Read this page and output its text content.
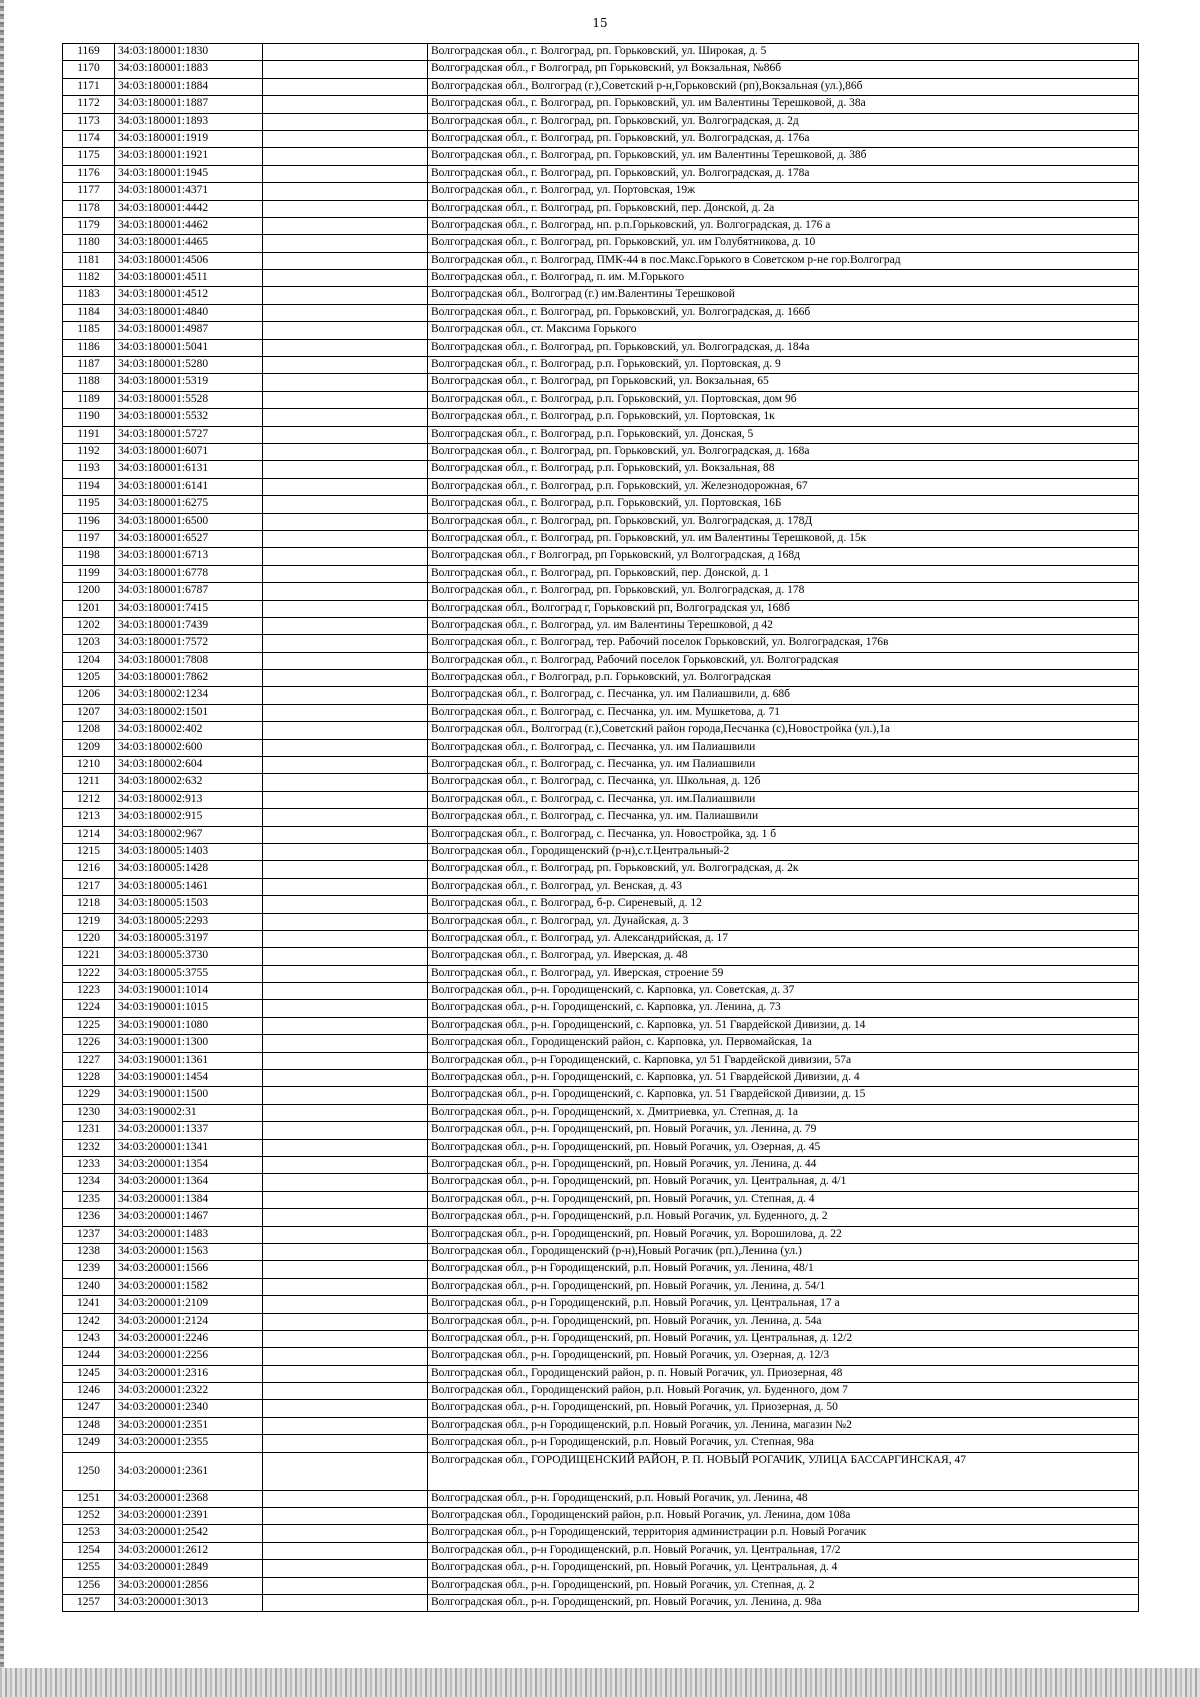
15
1169	34:03:180001:1830		Волгоградская обл., г. Волгоград, рп. Горьковский, ул. Широкая, д. 5
1170	34:03:180001:1883		Волгоградская обл., г Волгоград, рп Горьковский, ул Вокзальная, №86б
1171	34:03:180001:1884		Волгоградская обл., Волгоград (г.),Советский р-н,Горьковский (рп),Вокзальная (ул.),86б
1172	34:03:180001:1887		Волгоградская обл., г. Волгоград, рп. Горьковский, ул. им Валентины Терешковой, д. 38а
1173	34:03:180001:1893		Волгоградская обл., г. Волгоград, рп. Горьковский, ул. Волгоградская, д. 2д
1174	34:03:180001:1919		Волгоградская обл., г. Волгоград, рп. Горьковский, ул. Волгоградская, д. 176а
1175	34:03:180001:1921		Волгоградская обл., г. Волгоград, рп. Горьковский, ул. им Валентины Терешковой, д. 38б
1176	34:03:180001:1945		Волгоградская обл., г. Волгоград, рп. Горьковский, ул. Волгоградская, д. 178а
1177	34:03:180001:4371		Волгоградская обл., г. Волгоград, ул. Портовская, 19ж
1178	34:03:180001:4442		Волгоградская обл., г. Волгоград, рп. Горьковский, пер. Донской, д. 2а
1179	34:03:180001:4462		Волгоградская обл., г. Волгоград, нп. р.п.Горьковский, ул. Волгоградская, д. 176 а
1180	34:03:180001:4465		Волгоградская обл., г. Волгоград, рп. Горьковский, ул. им Голубятникова, д. 10
1181	34:03:180001:4506		Волгоградская обл., г. Волгоград, ПМК-44 в пос.Макс.Горького в Советском р-не гор.Волгоград
1182	34:03:180001:4511		Волгоградская обл., г. Волгоград, п. им. М.Горького
1183	34:03:180001:4512		Волгоградская обл., Волгоград (г.) им.Валентины Терешковой
1184	34:03:180001:4840		Волгоградская обл., г. Волгоград, рп. Горьковский, ул. Волгоградская, д. 166б
1185	34:03:180001:4987		Волгоградская обл., ст. Максима Горького
1186	34:03:180001:5041		Волгоградская обл., г. Волгоград, рп. Горьковский, ул. Волгоградская, д. 184а
1187	34:03:180001:5280		Волгоградская обл., г. Волгоград, р.п. Горьковский, ул. Портовская, д. 9
1188	34:03:180001:5319		Волгоградская обл., г. Волгоград, рп Горьковский, ул. Вокзальная, 65
1189	34:03:180001:5528		Волгоградская обл., г. Волгоград, р.п. Горьковский, ул. Портовская, дом 9б
1190	34:03:180001:5532		Волгоградская обл., г. Волгоград, р.п. Горьковский, ул. Портовская, 1к
1191	34:03:180001:5727		Волгоградская обл., г. Волгоград, р.п. Горьковский, ул. Донская, 5
1192	34:03:180001:6071		Волгоградская обл., г. Волгоград, рп. Горьковский, ул. Волгоградская, д. 168а
1193	34:03:180001:6131		Волгоградская обл., г. Волгоград, р.п. Горьковский, ул. Вокзальная, 88
1194	34:03:180001:6141		Волгоградская обл., г. Волгоград, р.п. Горьковский, ул. Железнодорожная, 67
1195	34:03:180001:6275		Волгоградская обл., г. Волгоград, р.п. Горьковский, ул. Портовская, 16Б
1196	34:03:180001:6500		Волгоградская обл., г. Волгоград, рп. Горьковский, ул. Волгоградская, д. 178Д
1197	34:03:180001:6527		Волгоградская обл., г. Волгоград, рп. Горьковский, ул. им Валентины Терешковой, д. 15к
1198	34:03:180001:6713		Волгоградская обл., г Волгоград, рп Горьковский, ул Волгоградская, д 168д
1199	34:03:180001:6778		Волгоградская обл., г. Волгоград, рп. Горьковский, пер. Донской, д. 1
1200	34:03:180001:6787		Волгоградская обл., г. Волгоград, рп. Горьковский, ул. Волгоградская, д. 178
1201	34:03:180001:7415		Волгоградская обл., Волгоград г, Горьковский рп, Волгоградская ул, 168б
1202	34:03:180001:7439		Волгоградская обл., г. Волгоград, ул. им Валентины Терешковой, д 42
1203	34:03:180001:7572		Волгоградская обл., г. Волгоград, тер. Рабочий поселок Горьковский, ул. Волгоградская, 176в
1204	34:03:180001:7808		Волгоградская обл., г. Волгоград, Рабочий поселок Горьковский, ул. Волгоградская
1205	34:03:180001:7862		Волгоградская обл., г Волгоград, р.п. Горьковский, ул. Волгоградская
1206	34:03:180002:1234		Волгоградская обл., г. Волгоград, с. Песчанка, ул. им Палиашвили, д. 68б
1207	34:03:180002:1501		Волгоградская обл., г. Волгоград, с. Песчанка, ул. им. Мушкетова, д. 71
1208	34:03:180002:402		Волгоградская обл., Волгоград (г.),Советский район города,Песчанка (с),Новостройка (ул.),1а
1209	34:03:180002:600		Волгоградская обл., г. Волгоград, с. Песчанка, ул. им Палиашвили
1210	34:03:180002:604		Волгоградская обл., г. Волгоград, с. Песчанка, ул. им Палиашвили
1211	34:03:180002:632		Волгоградская обл., г. Волгоград, с. Песчанка, ул. Школьная, д. 12б
1212	34:03:180002:913		Волгоградская обл., г. Волгоград, с. Песчанка, ул. им.Палиашвили
1213	34:03:180002:915		Волгоградская обл., г. Волгоград, с. Песчанка, ул. им. Палиашвили
1214	34:03:180002:967		Волгоградская обл., г. Волгоград, с. Песчанка, ул. Новостройка, зд. 1 б
1215	34:03:180005:1403		Волгоградская обл., Городищенский (р-н),с.т.Центральный-2
1216	34:03:180005:1428		Волгоградская обл., г. Волгоград, рп. Горьковский, ул. Волгоградская, д. 2к
1217	34:03:180005:1461		Волгоградская обл., г. Волгоград, ул. Венская, д. 43
1218	34:03:180005:1503		Волгоградская обл., г. Волгоград, б-р. Сиреневый, д. 12
1219	34:03:180005:2293		Волгоградская обл., г. Волгоград, ул. Дунайская, д. 3
1220	34:03:180005:3197		Волгоградская обл., г. Волгоград, ул. Александрийская, д. 17
1221	34:03:180005:3730		Волгоградская обл., г. Волгоград, ул. Иверская, д. 48
1222	34:03:180005:3755		Волгоградская обл., г. Волгоград, ул. Иверская, строение 59
1223	34:03:190001:1014		Волгоградская обл., р-н. Городищенский, с. Карповка, ул. Советская, д. 37
1224	34:03:190001:1015		Волгоградская обл., р-н. Городищенский, с. Карповка, ул. Ленина, д. 73
1225	34:03:190001:1080		Волгоградская обл., р-н. Городищенский, с. Карповка, ул. 51 Гвардейской Дивизии, д. 14
1226	34:03:190001:1300		Волгоградская обл., Городищенский район, с. Карповка, ул. Первомайская, 1а
1227	34:03:190001:1361		Волгоградская обл., р-н Городищенский, с. Карповка, ул 51 Гвардейской дивизии, 57а
1228	34:03:190001:1454		Волгоградская обл., р-н. Городищенский, с. Карповка, ул. 51 Гвардейской Дивизии, д. 4
1229	34:03:190001:1500		Волгоградская обл., р-н. Городищенский, с. Карповка, ул. 51 Гвардейской Дивизии, д. 15
1230	34:03:190002:31		Волгоградская обл., р-н. Городищенский, х. Дмитриевка, ул. Степная, д. 1а
1231	34:03:200001:1337		Волгоградская обл., р-н. Городищенский, рп. Новый Рогачик, ул. Ленина, д. 79
1232	34:03:200001:1341		Волгоградская обл., р-н. Городищенский, рп. Новый Рогачик, ул. Озерная, д. 45
1233	34:03:200001:1354		Волгоградская обл., р-н. Городищенский, рп. Новый Рогачик, ул. Ленина, д. 44
1234	34:03:200001:1364		Волгоградская обл., р-н. Городищенский, рп. Новый Рогачик, ул. Центральная, д. 4/1
1235	34:03:200001:1384		Волгоградская обл., р-н. Городищенский, рп. Новый Рогачик, ул. Степная, д. 4
1236	34:03:200001:1467		Волгоградская обл., р-н. Городищенский, р.п. Новый Рогачик, ул. Буденного, д. 2
1237	34:03:200001:1483		Волгоградская обл., р-н. Городищенский, рп. Новый Рогачик, ул. Ворошилова, д. 22
1238	34:03:200001:1563		Волгоградская обл., Городищенский (р-н),Новый Рогачик (рп.),Ленина (ул.)
1239	34:03:200001:1566		Волгоградская обл., р-н Городищенский, р.п. Новый Рогачик, ул. Ленина, 48/1
1240	34:03:200001:1582		Волгоградская обл., р-н. Городищенский, рп. Новый Рогачик, ул. Ленина, д. 54/1
1241	34:03:200001:2109		Волгоградская обл., р-н Городищенский, р.п. Новый Рогачик, ул. Центральная, 17 а
1242	34:03:200001:2124		Волгоградская обл., р-н. Городищенский, рп. Новый Рогачик, ул. Ленина, д. 54а
1243	34:03:200001:2246		Волгоградская обл., р-н. Городищенский, рп. Новый Рогачик, ул. Центральная, д. 12/2
1244	34:03:200001:2256		Волгоградская обл., р-н. Городищенский, рп. Новый Рогачик, ул. Озерная, д. 12/3
1245	34:03:200001:2316		Волгоградская обл., Городищенский район, р. п. Новый Рогачик, ул. Приозерная, 48
1246	34:03:200001:2322		Волгоградская обл., Городищенский район, р.п. Новый Рогачик, ул. Буденного, дом 7
1247	34:03:200001:2340		Волгоградская обл., р-н. Городищенский, рп. Новый Рогачик, ул. Приозерная, д. 50
1248	34:03:200001:2351		Волгоградская обл., р-н Городищенский, р.п. Новый Рогачик, ул. Ленина, магазин №2
1249	34:03:200001:2355		Волгоградская обл., р-н Городищенский, р.п. Новый Рогачик, ул. Степная, 98а
1250	34:03:200001:2361		Волгоградская обл., ГОРОДИЩЕНСКИЙ РАЙОН, Р. П. НОВЫЙ РОГАЧИК, УЛИЦА БАССАРГИНСКАЯ, 47
1251	34:03:200001:2368		Волгоградская обл., р-н. Городищенский, р.п. Новый Рогачик, ул. Ленина, 48
1252	34:03:200001:2391		Волгоградская обл., Городищенский район, р.п. Новый Рогачик, ул. Ленина, дом 108а
1253	34:03:200001:2542		Волгоградская обл., р-н Городищенский, территория администрации р.п. Новый Рогачик
1254	34:03:200001:2612		Волгоградская обл., р-н Городищенский, р.п. Новый Рогачик, ул. Центральная, 17/2
1255	34:03:200001:2849		Волгоградская обл., р-н. Городищенский, рп. Новый Рогачик, ул. Центральная, д. 4
1256	34:03:200001:2856		Волгоградская обл., р-н. Городищенский, рп. Новый Рогачик, ул. Степная, д. 2
1257	34:03:200001:3013		Волгоградская обл., р-н. Городищенский, рп. Новый Рогачик, ул. Ленина, д. 98а
